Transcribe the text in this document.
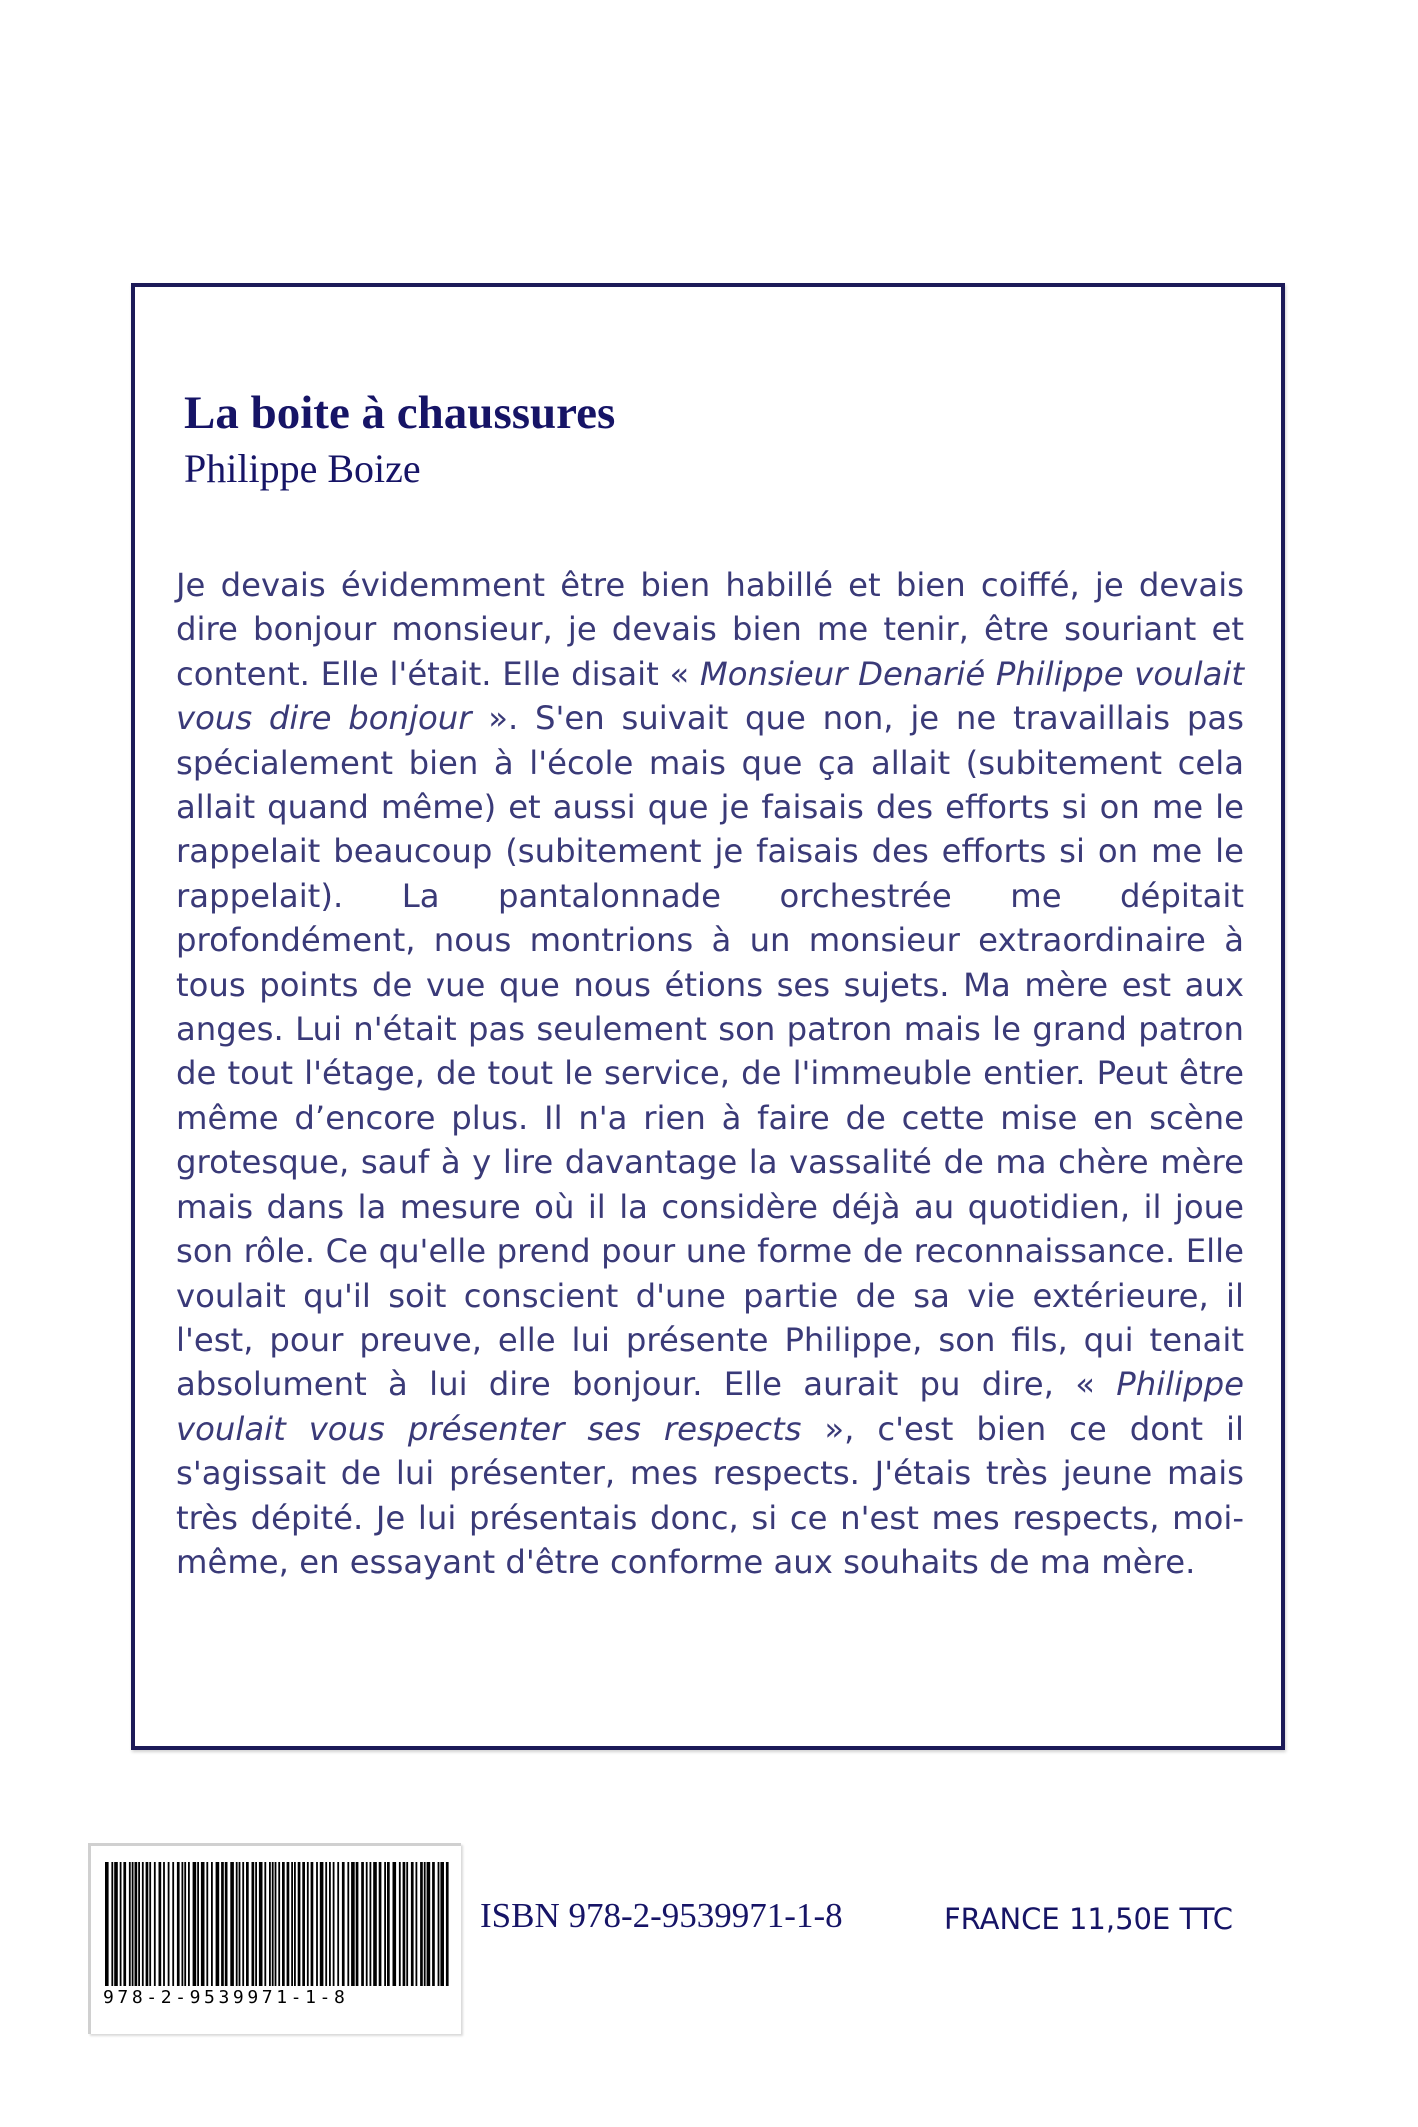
La boite à chaussures

Philippe Boize

Je devais évidemment être bien habillé et bien coiffé, je devais dire bonjour monsieur, je devais bien me tenir, être souriant et content. Elle l'était. Elle disait « Monsieur Denarié Philippe voulait vous dire bonjour ». S'en suivait que non, je ne travaillais pas spécialement bien à l'école mais que ça allait (subitement cela allait quand même) et aussi que je faisais des efforts si on me le rappelait beaucoup (subitement je faisais des efforts si on me le rappelait). La pantalonnade orchestrée me dépitait profondément, nous montrions à un monsieur extraordinaire à tous points de vue que nous étions ses sujets. Ma mère est aux anges. Lui n'était pas seulement son patron mais le grand patron de tout l'étage, de tout le service, de l'immeuble entier. Peut être même d’encore plus. Il n'a rien à faire de cette mise en scène grotesque, sauf à y lire davantage la vassalité de ma chère mère mais dans la mesure où il la considère déjà au quotidien, il joue son rôle. Ce qu'elle prend pour une forme de reconnaissance. Elle voulait qu'il soit conscient d'une partie de sa vie extérieure, il l'est, pour preuve, elle lui présente Philippe, son fils, qui tenait absolument à lui dire bonjour. Elle aurait pu dire, « Philippe voulait vous présenter ses respects », c'est bien ce dont il s'agissait de lui présenter, mes respects. J'étais très jeune mais très dépité. Je lui présentais donc, si ce n'est mes respects, moi-même, en essayant d'être conforme aux souhaits de ma mère.

978-2-9539971-1-8

ISBN 978-2-9539971-1-8	FRANCE 11,50E TTC
